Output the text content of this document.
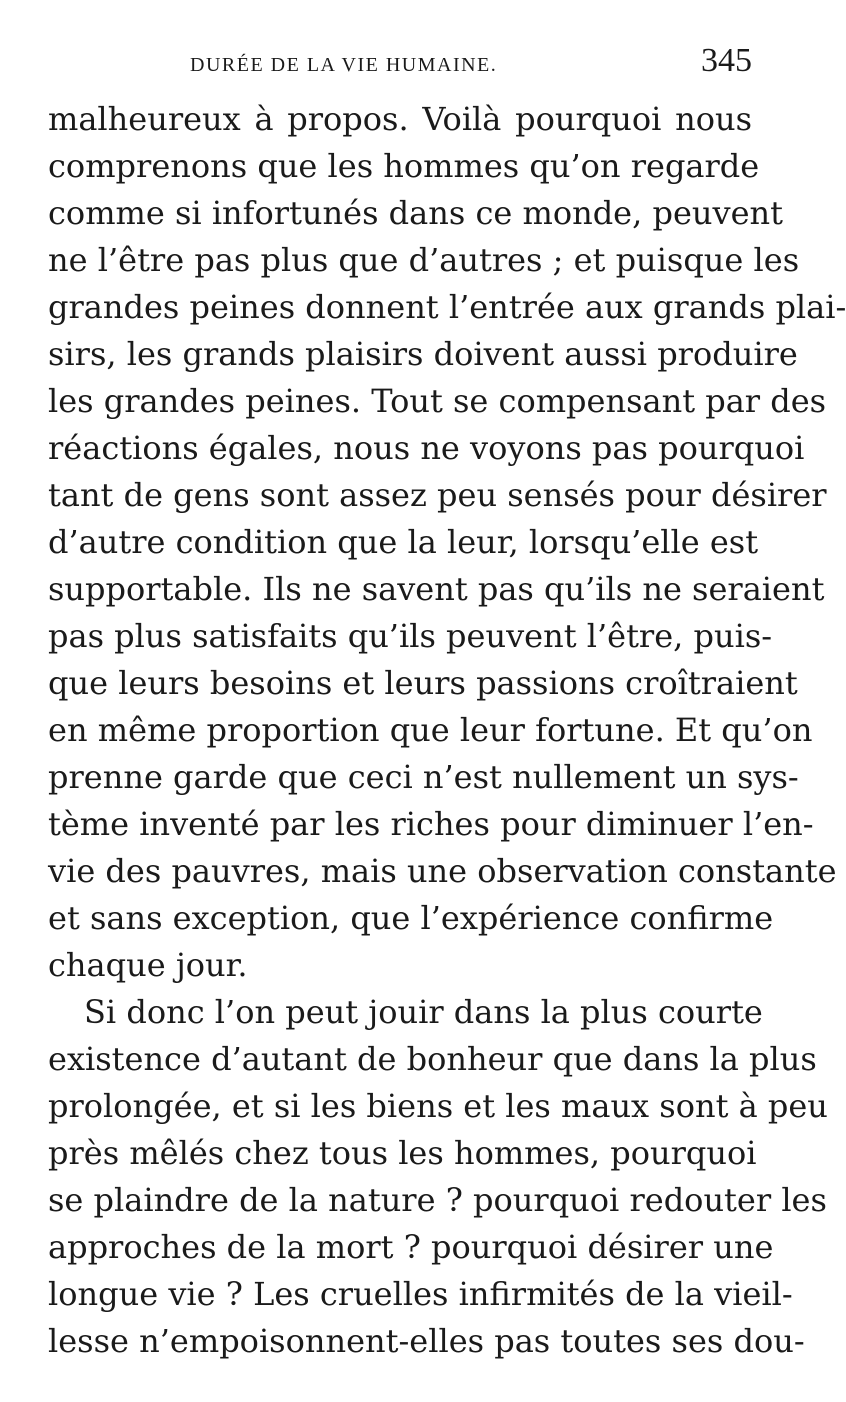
DURÉE DE LA VIE HUMAINE.	345
malheureux à propos. Voilà pourquoi nous
comprenons que les hommes qu’on regarde
comme si infortunés dans ce monde, peuvent
ne l’être pas plus que d’autres ; et puisque les
grandes peines donnent l’entrée aux grands plai-
sirs, les grands plaisirs doivent aussi produire
les grandes peines. Tout se compensant par des
réactions égales, nous ne voyons pas pourquoi
tant de gens sont assez peu sensés pour désirer
d’autre condition que la leur, lorsqu’elle est
supportable. Ils ne savent pas qu’ils ne seraient
pas plus satisfaits qu’ils peuvent l’être, puis-
que leurs besoins et leurs passions croîtraient
en même proportion que leur fortune. Et qu’on
prenne garde que ceci n’est nullement un sys-
tème inventé par les riches pour diminuer l’en-
vie des pauvres, mais une observation constante
et sans exception, que l’expérience confirme
chaque jour.
Si donc l’on peut jouir dans la plus courte
existence d’autant de bonheur que dans la plus
prolongée, et si les biens et les maux sont à peu
près mêlés chez tous les hommes, pourquoi
se plaindre de la nature ? pourquoi redouter les
approches de la mort ? pourquoi désirer une
longue vie ? Les cruelles infirmités de la vieil-
lesse n’empoisonnent-elles pas toutes ses dou-
